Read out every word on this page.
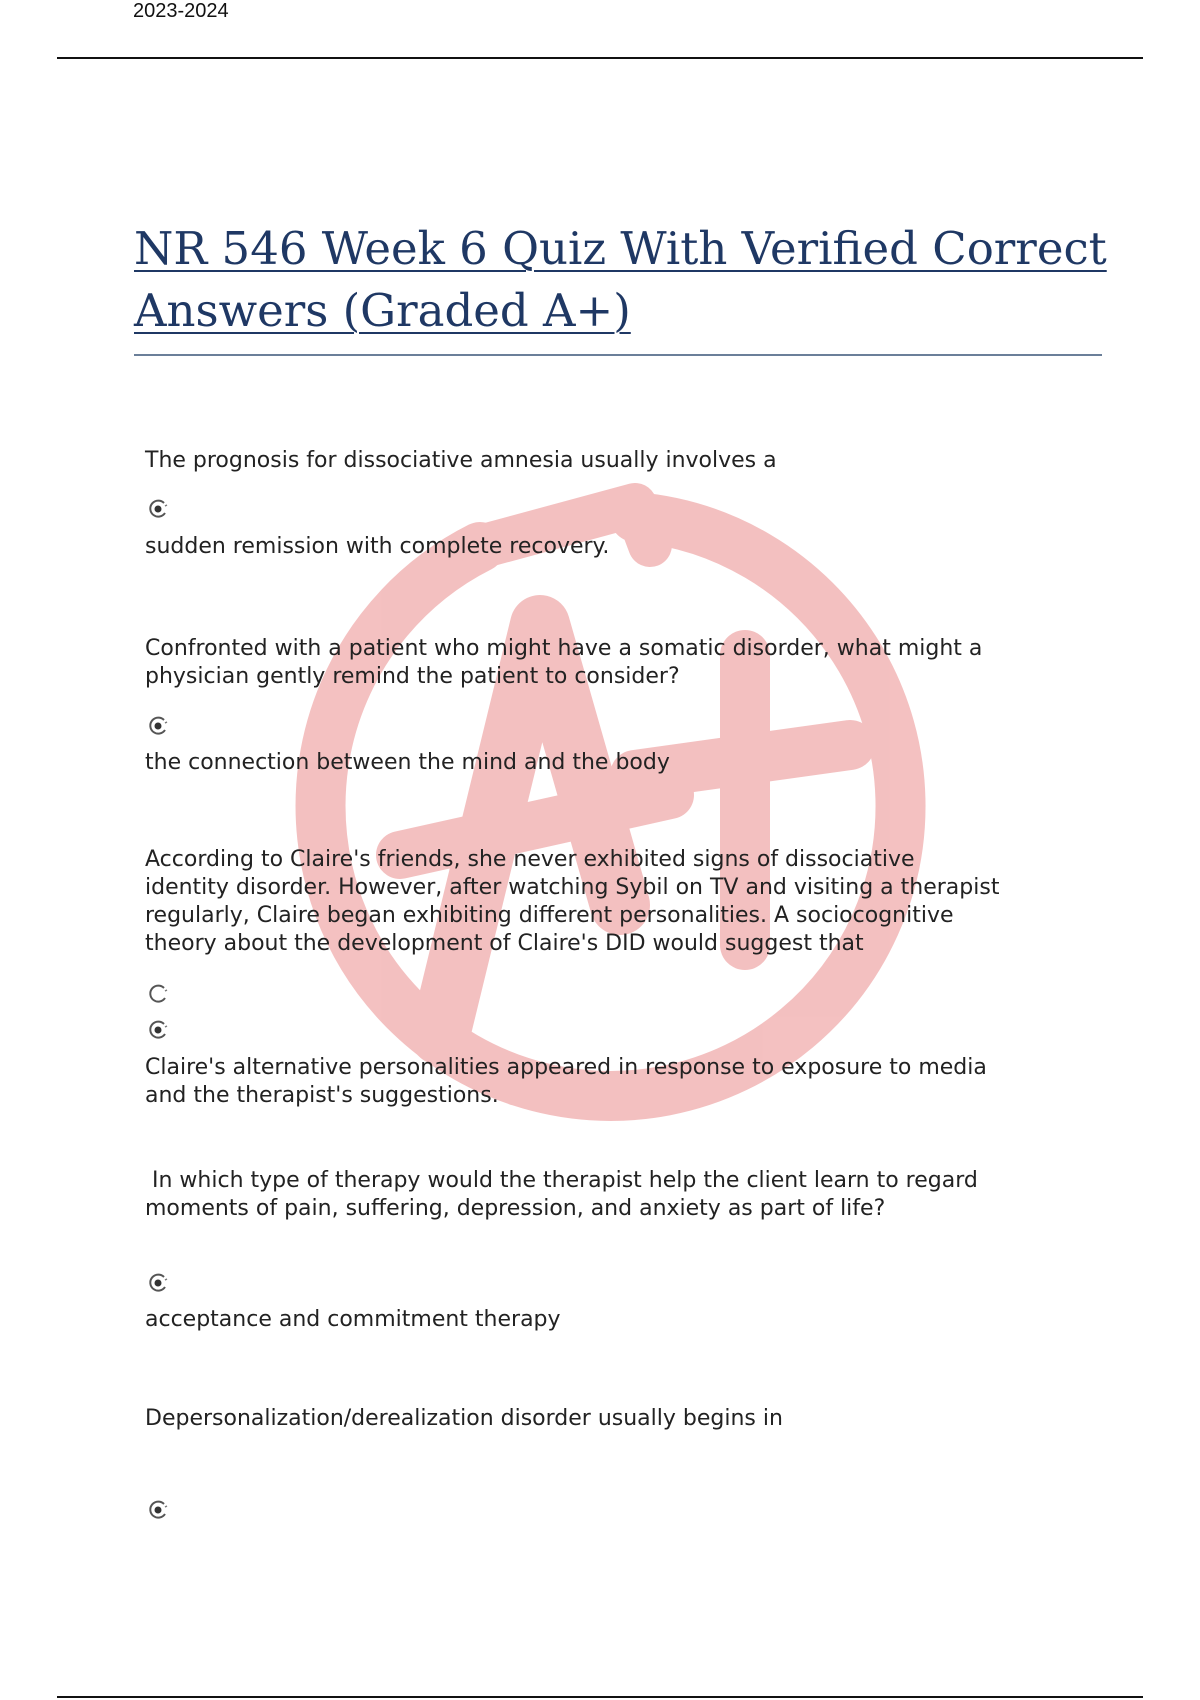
2023-2024
NR 546 Week 6 Quiz With Verified Correct
Answers (Graded A+)

The prognosis for dissociative amnesia usually involves a

sudden remission with complete recovery.

Confronted with a patient who might have a somatic disorder, what might a

physician gently remind the patient to consider?

the connection between the mind and the body

According to Claire's friends, she never exhibited signs of dissociative

identity disorder. However, after watching Sybil on TV and visiting a therapist

regularly, Claire began exhibiting different personalities. A sociocognitive

theory about the development of Claire's DID would suggest that

Claire's alternative personalities appeared in response to exposure to media

and the therapist's suggestions.

In which type of therapy would the therapist help the client learn to regard

moments of pain, suffering, depression, and anxiety as part of life?

acceptance and commitment therapy

Depersonalization/derealization disorder usually begins in
